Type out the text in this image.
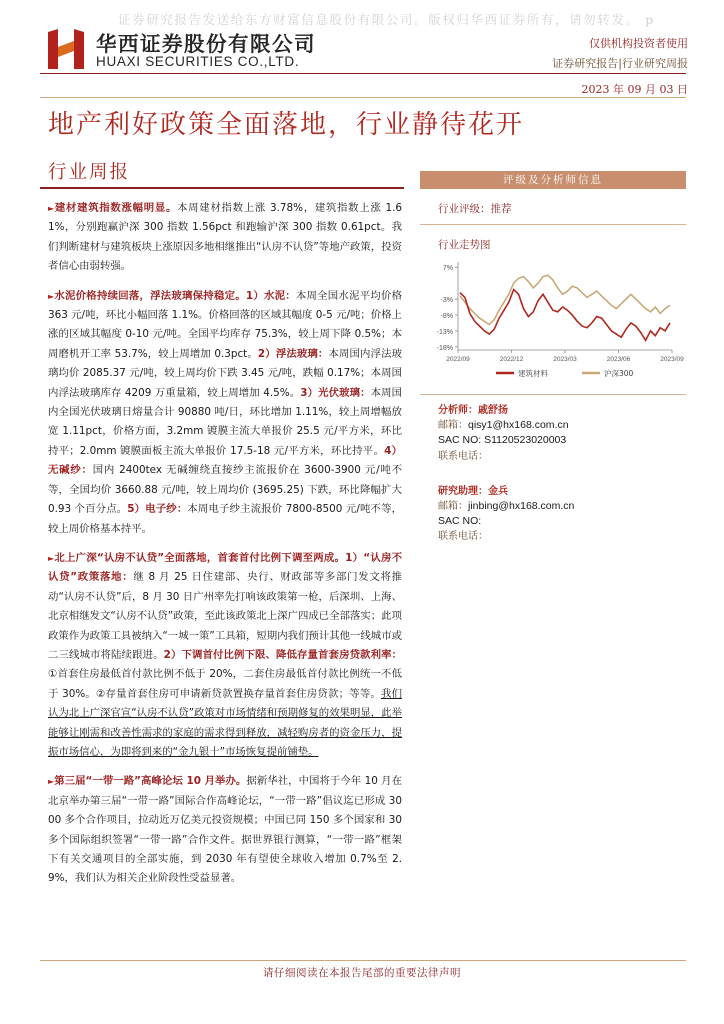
证券研究报告发送给东方财富信息股份有限公司。版权归华西证券所有，请勿转发。 p
华西证券股份有限公司
HUAXI SECURITIES CO.,LTD.
仅供机构投资者使用
证券研究报告|行业研究周报
2023 年 09 月 03 日
地产利好政策全面落地，行业静待花开
行业周报

►建材建筑指数涨幅明显。本周建材指数上涨 3.78%，建筑指数上涨 1.61%，分别跑赢沪深 300 指数 1.56pct 和跑输沪深 300 指数 0.61pct。我们判断建材与建筑板块上涨原因多地相继推出“认房不认贷”等地产政策，投资者信心由弱转强。

►水泥价格持续回落，浮法玻璃保持稳定。1）水泥：本周全国水泥平均价格 363 元/吨，环比小幅回落 1.1%。价格回落的区域其幅度 0-5 元/吨；价格上涨的区域其幅度 0-10 元/吨。全国平均库存 75.3%，较上周下降 0.5%；本周磨机开工率 53.7%，较上周增加 0.3pct。2）浮法玻璃：本周国内浮法玻璃均价 2085.37 元/吨，较上周均价下跌 3.45 元/吨，跌幅 0.17%；本周国内浮法玻璃库存 4209 万重量箱，较上周增加 4.5%。3）光伏玻璃：本周国内全国光伏玻璃日熔量合计 90880 吨/日，环比增加 1.11%，较上周增幅放宽 1.11pct，价格方面，3.2mm 镀膜主流大单报价 25.5 元/平方米，环比持平；2.0mm 镀膜面板主流大单报价 17.5-18 元/平方米，环比持平。4）无碱纱：国内 2400tex 无碱缠绕直接纱主流报价在 3600-3900 元/吨不等，全国均价 3660.88 元/吨，较上周均价 (3695.25) 下跌，环比降幅扩大 0.93 个百分点。5）电子纱：本周电子纱主流报价 7800-8500 元/吨不等，较上周价格基本持平。

►北上广深“认房不认贷”全面落地，首套首付比例下调至两成。1）“认房不认贷”政策落地：继 8 月 25 日住建部、央行、财政部等多部门发文将推动“认房不认贷”后，8 月 30 日广州率先打响该政策第一枪，后深圳、上海、北京相继发文“认房不认贷”政策，至此该政策北上深广四成已全部落实；此项政策作为政策工具被纳入“一城一策”工具箱，短期内我们预计其他一线城市或二三线城市将陆续跟进。2）下调首付比例下限、降低存量首套房贷款利率：①首套住房最低首付款比例不低于 20%，二套住房最低首付款比例统一不低于 30%。②存量首套住房可申请新贷款置换存量首套住房贷款；等等。我们认为北上广深官宣“认房不认贷”政策对市场情绪和预期修复的效果明显，此举能够让刚需和改善性需求的家庭的需求得到释放，减轻购房者的资金压力，提振市场信心，为即将到来的“金九银十”市场恢复提前铺垫。

►第三届“一带一路”高峰论坛 10 月举办。据新华社，中国将于今年 10 月在北京举办第三届“一带一路”国际合作高峰论坛，“一带一路”倡议迄已形成 3000 多个合作项目，拉动近万亿美元投资规模；中国已同 150 多个国家和 30 多个国际组织签署“一带一路”合作文件。据世界银行测算，“一带一路”框架下有关交通项目的全部实施，到 2030 年有望使全球收入增加 0.7%至 2.9%，我们认为相关企业阶段性受益显著。

评级及分析师信息
行业评级：推荐
行业走势图
7%
-3%
-8%
-13%
-18%
2022/09	2022/12	2023/03	2023/06	2023/09
建筑材料	沪深300
分析师：戚舒扬
邮箱：qisy1@hx168.com.cn
SAC NO: S1120523020003
联系电话：
研究助理：金兵
邮箱：jinbing@hx168.com.cn
SAC NO:
联系电话：
请仔细阅读在本报告尾部的重要法律声明
